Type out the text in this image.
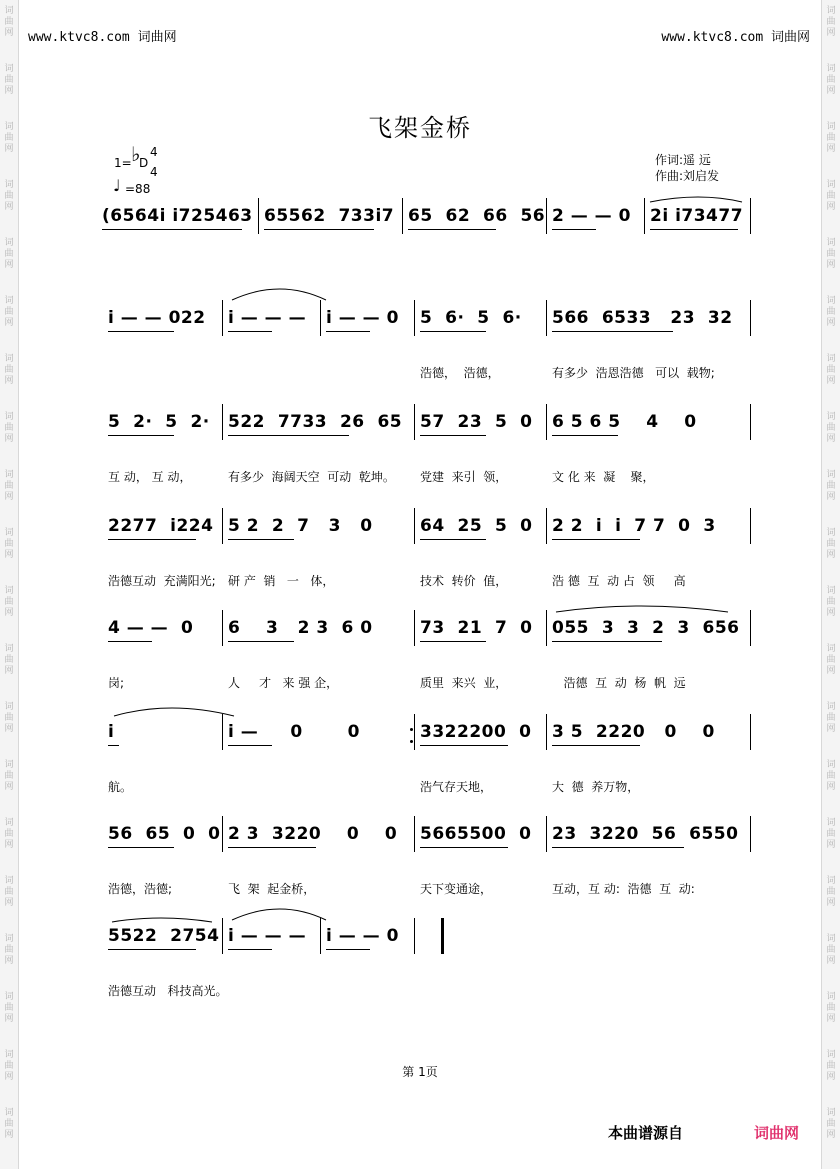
词
曲
网
词
曲
网
词
曲
网
词
曲
网
词
曲
网
词
曲
网
词
曲
网
词
曲
网
词
曲
网
词
曲
网
词
曲
网
词
曲
网
词
曲
网
词
曲
网
词
曲
网
词
曲
网
词
曲
网
词
曲
网
词
曲
网
词
曲
网
词
曲
网
词
曲
网
词
曲
网
词
曲
网
词
曲
网
词
曲
网
词
曲
网
词
曲
网
词
曲
网
词
曲
网
词
曲
网
词
曲
网
词
曲
网
词
曲
网
词
曲
网
词
曲
网
词
曲
网
词
曲
网
词
曲
网
词
曲
网
www.ktvc8.com 词曲网	www.ktvc8.com 词曲网
飞架金桥
1= ♭
D
4
4
♩ =88
作词:遥 远
作曲:刘启发
(6564i i725463 65562  733i7 65  62  66  56 2 — — 0 2i i73477
i — — 022 i — — — i — — 0 5  6·  5  6· 566  6533   23  32
浩德，  浩德，	有多少  浩恩浩德   可以  载物;
5  2·  5  2· 522  7733  26  65 57  23  5  0 6 5 6 5    4    0
互 动， 互 动，	有多少  海阔天空  可动  乾坤。 党建  来引  领，	文 化 来  凝    聚，
2277  i224 5 2  2  7   3   0	64  25  5  0 2 2  i  i  7 7  0  3
浩德互动  充满阳光; 研 产  销   一   体，	技术  转价  值，	浩 德  互  动 占  领     高
4 — —  0 6    3   2 3  6 0	73  21  7  0 055  3  3  2  3  656
岗;	人     才   来 强 企，	质里  来兴  业，	浩德  互  动  杨  帆  远
i	i —     0       0	3322200  0 3 5  2220   0    0
航。	浩气存天地，	大  德  养万物，
56  65  0  0 2 3  3220    0    0 5665500  0 23  3220  56  6550
浩德，浩德;	飞  架  起金桥，	天下变通途，	互动，互 动:  浩德  互  动:
5522  2754 i — — — i — — 0
浩德互动   科技高光。
第 1页
本曲谱源自	词曲网
